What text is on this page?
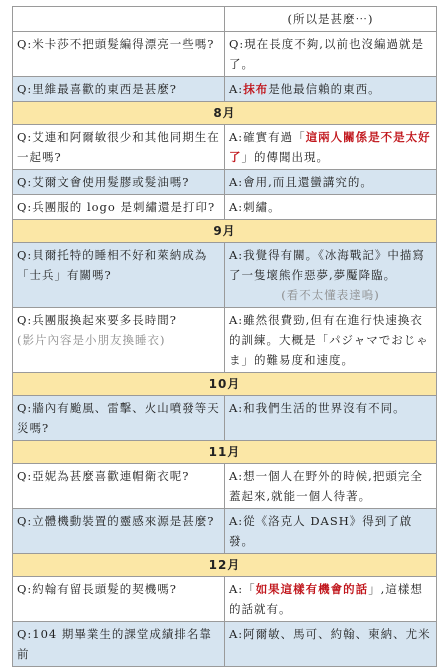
	(所以是甚麼⋯)

Q:米卡莎不把頭髮編得漂亮一些嗎?	Q:現在長度不夠,以前也沒編過就是了。
Q:里維最喜歡的東西是甚麼?	A:抹布是他最信賴的東西。
8月	
Q:艾連和阿爾敏很少和其他同期生在一起嗎?	A:確實有過「這兩人關係是不是太好了」的傳聞出現。
Q:艾爾文會使用髮膠或髮油嗎?	A:會用,而且還蠻講究的。
Q:兵團服的 logo 是刺繡還是打印?	A:刺繡。
9月	
Q:貝爾托特的睡相不好和萊納成為「士兵」有關嗎?	A:我覺得有關。《冰海戰記》中描寫了一隻壞熊作惡夢,夢魘降臨。

(看不太懂表達嗚)

Q:兵團服換起來要多長時間?
(影片內容是小朋友換睡衣)	A:雖然很費勁,但有在進行快速換衣的訓練。大概是「パジャマでおじゃま」的難易度和速度。
10月	
Q:牆內有颱風、雷擊、火山噴發等天災嗎?	A:和我們生活的世界沒有不同。
11月	
Q:亞妮為甚麼喜歡連帽衛衣呢?	A:想一個人在野外的時候,把頭完全蓋起來,就能一個人待著。
Q:立體機動裝置的靈感來源是甚麼?	A:從《洛克人 DASH》得到了啟發。
12月	
Q:約翰有留長頭髮的契機嗎?	A:「如果這樣有機會的話」,這樣想的話就有。
Q:104 期畢業生的課堂成績排名靠前	A:阿爾敏、馬可、約翰、柬納、尤米
